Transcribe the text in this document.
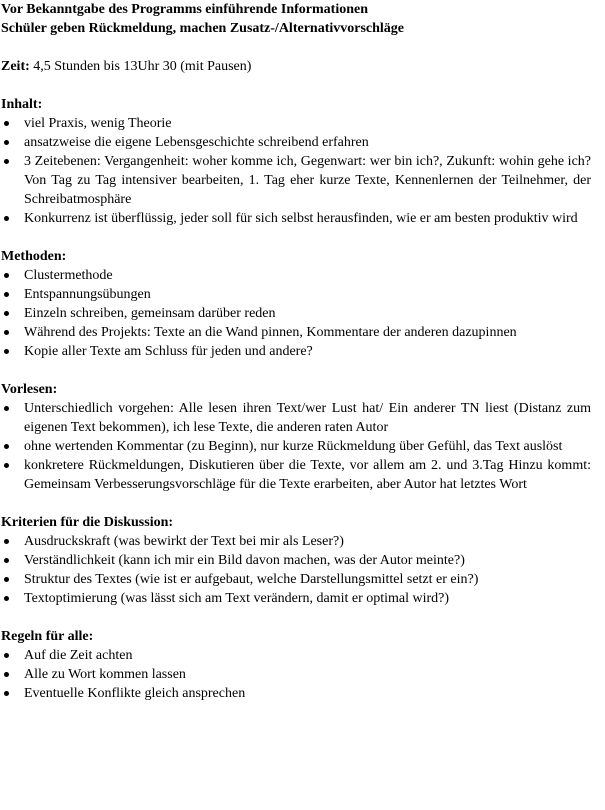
Vor Bekanntgabe des Programms einführende Informationen

Schüler geben Rückmeldung, machen Zusatz-/Alternativvorschläge

Zeit: 4,5 Stunden bis 13Uhr 30 (mit Pausen)

Inhalt:

viel Praxis, wenig Theorie
ansatzweise die eigene Lebensgeschichte schreibend erfahren
3 Zeitebenen: Vergangenheit: woher komme ich, Gegenwart: wer bin ich?, Zukunft: wohin gehe ich? Von Tag zu Tag intensiver bearbeiten, 1. Tag eher kurze Texte, Kennenlernen der Teilnehmer, der Schreibatmosphäre
Konkurrenz ist überflüssig, jeder soll für sich selbst herausfinden, wie er am besten produktiv wird

Methoden:

Clustermethode
Entspannungsübungen
Einzeln schreiben, gemeinsam darüber reden
Während des Projekts: Texte an die Wand pinnen, Kommentare der anderen dazupinnen
Kopie aller Texte am Schluss für jeden und andere?

Vorlesen:

Unterschiedlich vorgehen: Alle lesen ihren Text/wer Lust hat/ Ein anderer TN liest (Distanz zum eigenen Text bekommen), ich lese Texte, die anderen raten Autor
ohne wertenden Kommentar (zu Beginn), nur kurze Rückmeldung über Gefühl, das Text auslöst
konkretere Rückmeldungen, Diskutieren über die Texte, vor allem am 2. und 3.Tag Hinzu kommt: Gemeinsam Verbesserungsvorschläge für die Texte erarbeiten, aber Autor hat letztes Wort

Kriterien für die Diskussion:

Ausdruckskraft (was bewirkt der Text bei mir als Leser?)
Verständlichkeit (kann ich mir ein Bild davon machen, was der Autor meinte?)
Struktur des Textes (wie ist er aufgebaut, welche Darstellungsmittel setzt er ein?)
Textoptimierung (was lässt sich am Text verändern, damit er optimal wird?)

Regeln für alle:

Auf die Zeit achten
Alle zu Wort kommen lassen
Eventuelle Konflikte gleich ansprechen
